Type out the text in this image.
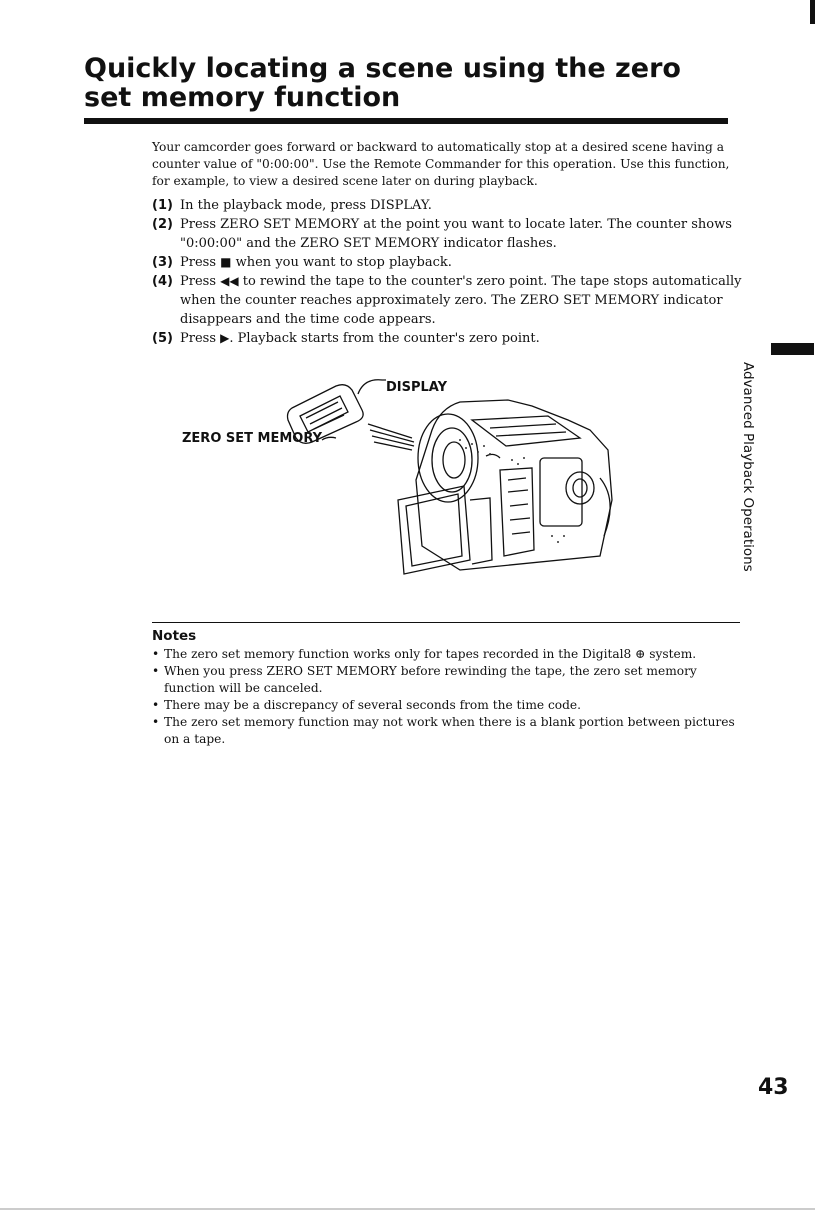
Quickly locating a scene using the zero set memory function

Your camcorder goes forward or backward to automatically stop at a desired scene having a counter value of "0:00:00". Use the Remote Commander for this operation. Use this function, for example, to view a desired scene later on during playback.

(1) In the playback mode, press DISPLAY.
(2) Press ZERO SET MEMORY at the point you want to locate later. The counter shows "0:00:00" and the ZERO SET MEMORY indicator flashes.
(3) Press ■ when you want to stop playback.
(4) Press ◀◀ to rewind the tape to the counter's zero point. The tape stops automatically when the counter reaches approximately zero. The ZERO SET MEMORY indicator disappears and the time code appears.
(5) Press ▶. Playback starts from the counter's zero point.
DISPLAY
ZERO SET MEMORY	Advanced Playback Operations
Notes
• The zero set memory function works only for tapes recorded in the Digital8 ⊕ system.
• When you press ZERO SET MEMORY before rewinding the tape, the zero set memory function will be canceled.
• There may be a discrepancy of several seconds from the time code.
• The zero set memory function may not work when there is a blank portion between pictures on a tape.
43
